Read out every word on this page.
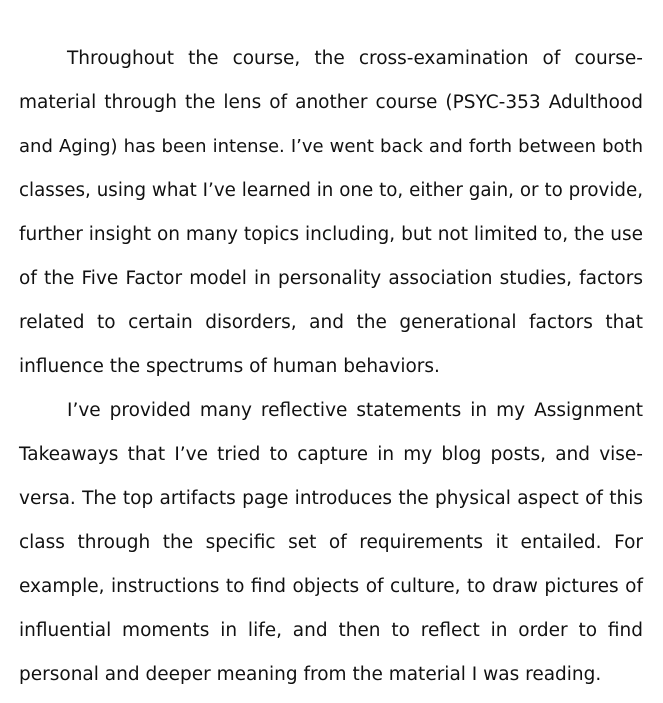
Throughout the course, the cross-examination of course-
material through the lens of another course (PSYC-353 Adulthood
and Aging) has been intense. I’ve went back and forth between both
classes, using what I’ve learned in one to, either gain, or to provide,
further insight on many topics including, but not limited to, the use
of the Five Factor model in personality association studies, factors
related to certain disorders, and the generational factors that
influence the spectrums of human behaviors.
I’ve provided many reflective statements in my Assignment
Takeaways that I’ve tried to capture in my blog posts, and vise-
versa. The top artifacts page introduces the physical aspect of this
class through the specific set of requirements it entailed. For
example, instructions to find objects of culture, to draw pictures of
influential moments in life, and then to reflect in order to find
personal and deeper meaning from the material I was reading.
